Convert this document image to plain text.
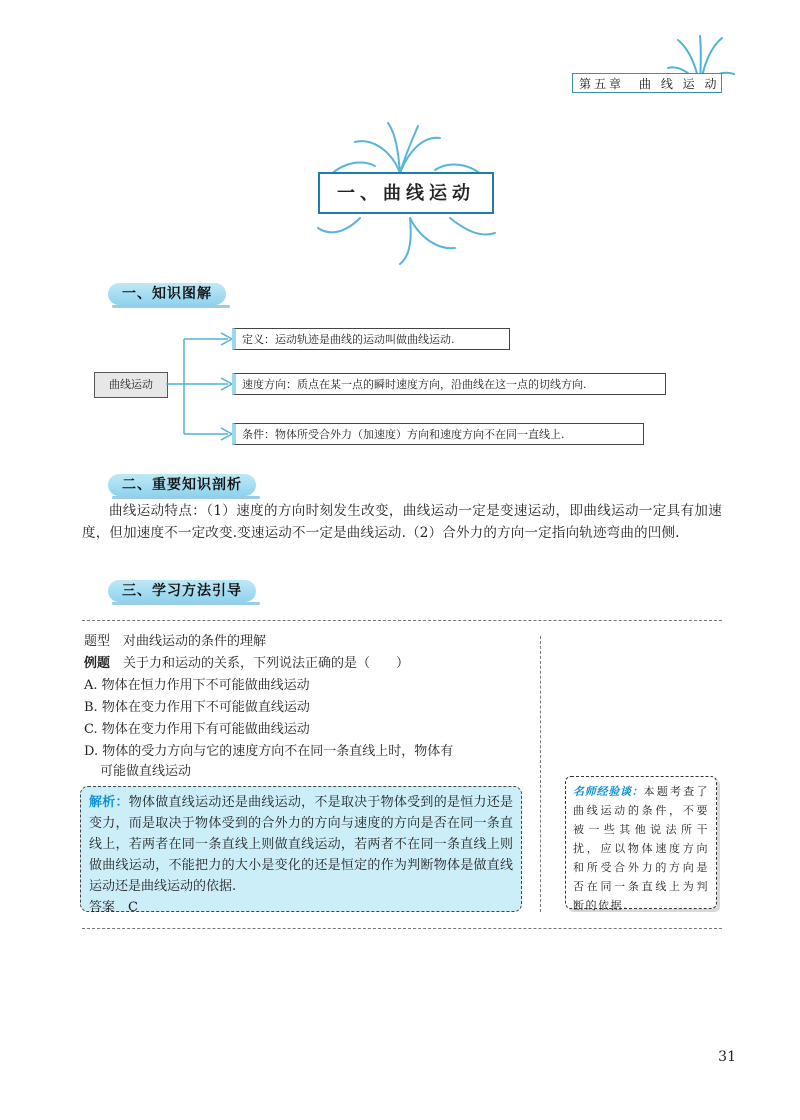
第五章　曲 线 运 动
一、曲线运动
一、知识图解
曲线运动
定义：运动轨迹是曲线的运动叫做曲线运动.
速度方向：质点在某一点的瞬时速度方向，沿曲线在这一点的切线方向.
条件：物体所受合外力（加速度）方向和速度方向不在同一直线上.
二、重要知识剖析
曲线运动特点：（1）速度的方向时刻发生改变，曲线运动一定是变速运动，即曲线运动一定具有加速度，但加速度不一定改变.变速运动不一定是曲线运动.（2）合外力的方向一定指向轨迹弯曲的凹侧.
三、学习方法引导
题型　 对曲线运动的条件的理解
例题　 关于力和运动的关系，下列说法正确的是（　　）
A. 物体在恒力作用下不可能做曲线运动
B. 物体在变力作用下不可能做直线运动
C. 物体在变力作用下有可能做曲线运动
D. 物体的受力方向与它的速度方向不在同一条直线上时，物体有
可能做直线运动
解析：物体做直线运动还是曲线运动，不是取决于物体受到的是恒力还是变力，而是取决于物体受到的合外力的方向与速度的方向是否在同一条直线上，若两者在同一条直线上则做直线运动，若两者不在同一条直线上则做曲线运动，不能把力的大小是变化的还是恒定的作为判断物体是做直线运动还是曲线运动的依据.
答案　 C
名师经验谈：本题考查了曲线运动的条件，不要被一些其他说法所干扰，应以物体速度方向和所受合外力的方向是否在同一条直线上为判断的依据.
31
